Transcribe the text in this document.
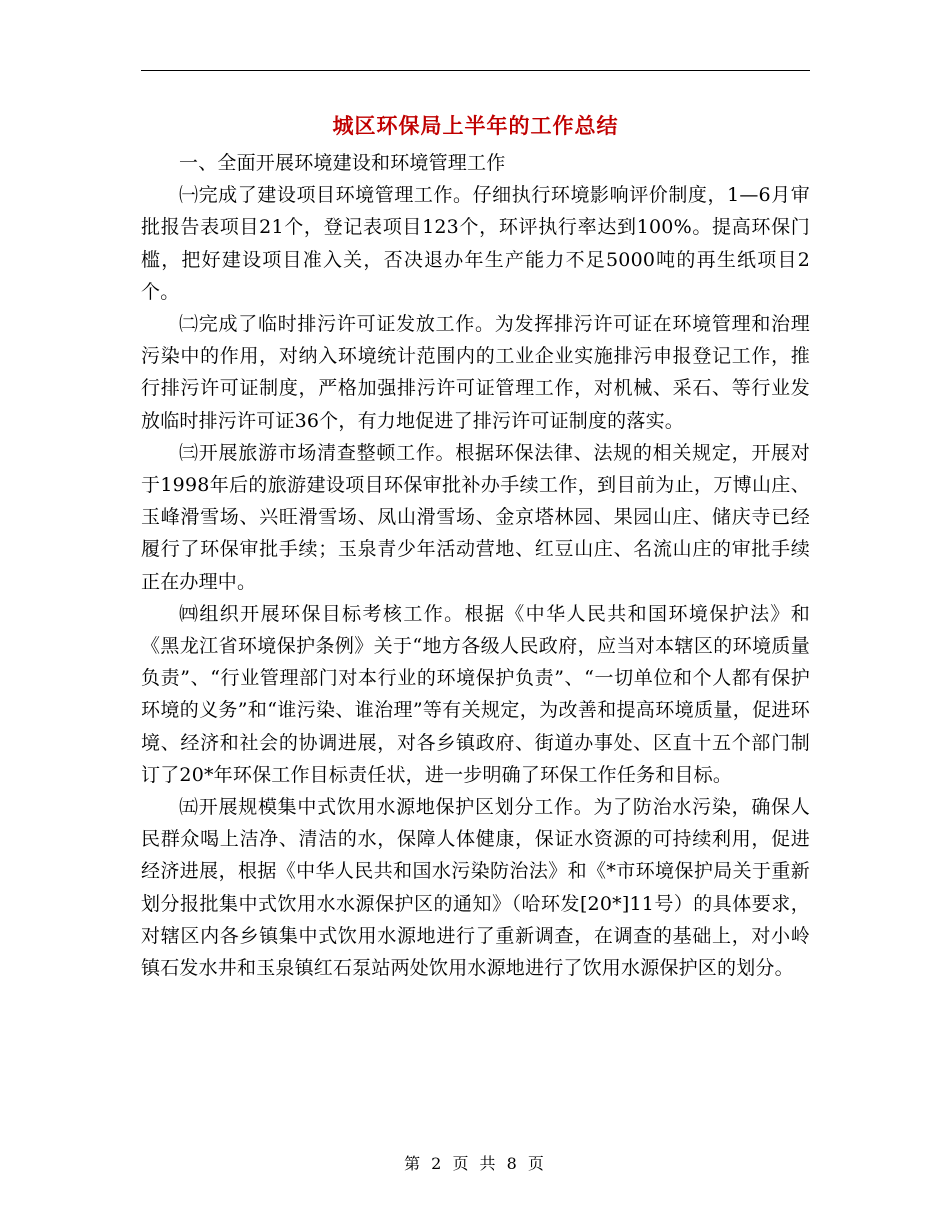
城区环保局上半年的工作总结

一、全面开展环境建设和环境管理工作

㈠完成了建设项目环境管理工作。仔细执行环境影响评价制度，1—6月审批报告表项目21个，登记表项目123个，环评执行率达到100%。提高环保门槛，把好建设项目准入关，否决退办年生产能力不足5000吨的再生纸项目2个。

㈡完成了临时排污许可证发放工作。为发挥排污许可证在环境管理和治理污染中的作用，对纳入环境统计范围内的工业企业实施排污申报登记工作，推行排污许可证制度，严格加强排污许可证管理工作，对机械、采石、等行业发放临时排污许可证36个，有力地促进了排污许可证制度的落实。

㈢开展旅游市场清查整顿工作。根据环保法律、法规的相关规定，开展对于1998年后的旅游建设项目环保审批补办手续工作，到目前为止，万博山庄、玉峰滑雪场、兴旺滑雪场、凤山滑雪场、金京塔林园、果园山庄、储庆寺已经履行了环保审批手续；玉泉青少年活动营地、红豆山庄、名流山庄的审批手续正在办理中。

㈣组织开展环保目标考核工作。根据《中华人民共和国环境保护法》和《黑龙江省环境保护条例》关于“地方各级人民政府，应当对本辖区的环境质量负责”、“行业管理部门对本行业的环境保护负责”、“一切单位和个人都有保护环境的义务”和“谁污染、谁治理”等有关规定，为改善和提高环境质量，促进环境、经济和社会的协调进展，对各乡镇政府、街道办事处、区直十五个部门制订了20*年环保工作目标责任状，进一步明确了环保工作任务和目标。

㈤开展规模集中式饮用水源地保护区划分工作。为了防治水污染，确保人民群众喝上洁净、清洁的水，保障人体健康，保证水资源的可持续利用，促进经济进展，根据《中华人民共和国水污染防治法》和《*市环境保护局关于重新划分报批集中式饮用水水源保护区的通知》（哈环发[20*]11号）的具体要求，对辖区内各乡镇集中式饮用水源地进行了重新调查，在调查的基础上，对小岭镇石发水井和玉泉镇红石泵站两处饮用水源地进行了饮用水源保护区的划分。

第 2 页 共 8 页
